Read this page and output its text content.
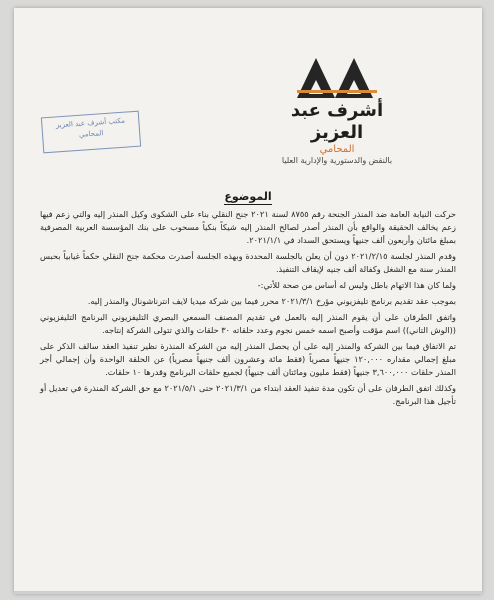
أشرف عبد العزيز
المحامي
بالنقض والدستورية والإدارية العليا
مكتب أشرف عبد العزيز المحامي
الموضوع

حركت النيابة العامة ضد المنذر الجنحة رقم ٨٧٥٥ لسنة ٢٠٢١ جنح النقلي بناء على الشكوى وكيل المنذر إليه والتي زعم فيها زعم يخالف الحقيقة والواقع بأن المنذر أصدر لصالح المنذر إليه شيكاً بنكياً مسحوب على بنك المؤسسة العربية المصرفية بمبلغ مائتان وأربعون ألف جنيهاً ويستحق السداد في ٢٠٢١/١/١.

وقدم المنذر لجلسة ٢٠٢١/٢/١٥ دون أن يعلن بالجلسة المحددة وبهذه الجلسة أصدرت محكمة جنح النقلي حكماً غيابياً بحبس المنذر سنة مع الشغل وكفالة ألف جنيه لإيقاف التنفيذ.

ولما كان هذا الاتهام باطل وليس له أساس من صحة للأتي:-

بموجب عقد تقديم برنامج تليفزيوني مؤرخ ٢٠٢١/٣/١ محرر فيما بين شركة ميديا لايف انترناشونال والمنذر إليه.

واتفق الطرفان على أن يقوم المنذر إليه بالعمل في تقديم المصنف السمعي البصري التليفزيوني البرنامج التليفزيوني ((الوش التاني)) اسم مؤقت وأصبح اسمه خمس نجوم وعدد حلقاته ٣٠ حلقات والذي تتولى الشركة إنتاجه.

تم الاتفاق فيما بين الشركة والمنذر إليه على أن يحصل المنذر إليه من الشركة المنذرة نظير تنفيذ العقد سالف الذكر على مبلغ إجمالي مقداره ١٢٠,٠٠٠ جنيهاً مصرياً (فقط مائة وعشرون ألف جنيهاً مصرياً) عن الحلقة الواحدة وأن إجمالي أجر المنذر حلقات ٣,٦٠٠,٠٠٠ جنيهاً (فقط مليون ومائتان ألف جنيهاً) لجميع حلقات البرنامج وقدرها ١٠ حلقات.

وكذلك اتفق الطرفان على أن تكون مدة تنفيذ العقد ابتداء من ٢٠٢١/٣/١ حتى ٢٠٢١/٥/١ مع حق الشركة المنذرة في تعديل أو تأجيل هذا البرنامج.
